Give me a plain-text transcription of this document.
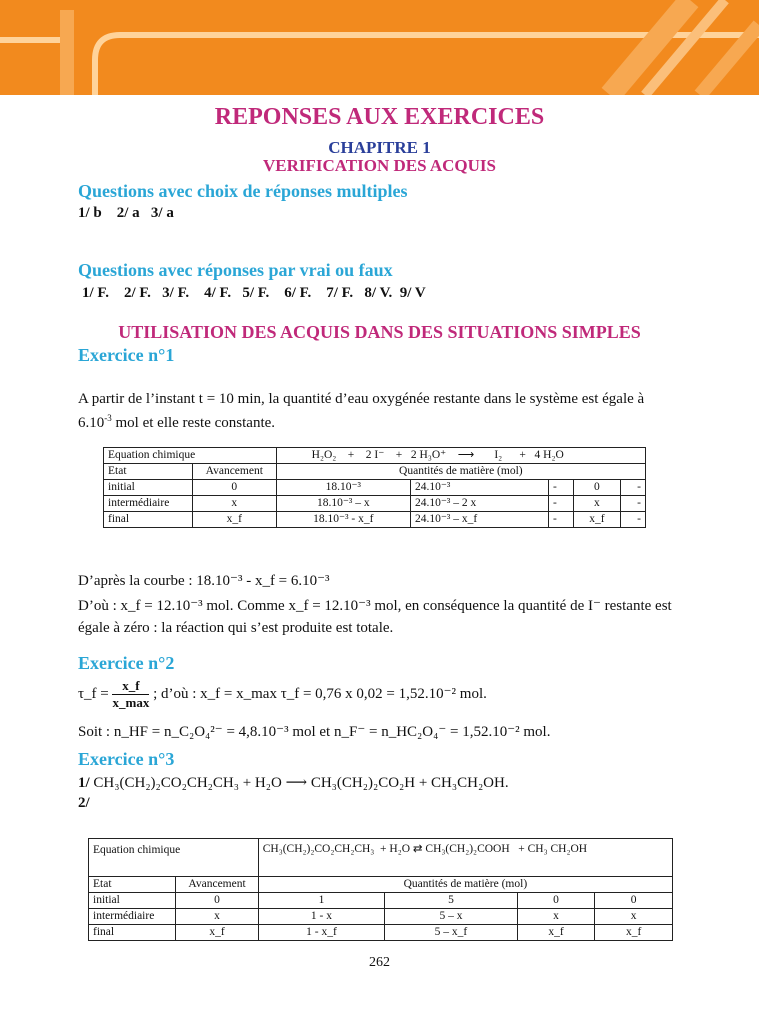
REPONSES AUX EXERCICES
CHAPITRE 1
VERIFICATION DES ACQUIS
Questions avec choix de réponses multiples
1/ b    2/ a   3/ a
Questions avec réponses par vrai ou faux
1/ F.    2/ F.   3/ F.    4/ F.   5/ F.    6/ F.    7/ F.   8/ V.  9/ V
UTILISATION DES ACQUIS DANS DES SITUATIONS SIMPLES
Exercice n°1
A partir de l’instant t = 10 min, la quantité d’eau oxygénée restante dans le système est égale à
$6.10^{-3}$ mol et elle reste constante.
Equation chimique		H₂O₂    +    2 I⁻    +   2 H₃O⁺    ⟶       I₂      +   4 H₂O				
Etat	Avancement	Quantités de matière (mol)				
initial	0	18.10⁻³	24.10⁻³	-	0	-
intermédiaire	x	18.10⁻³ – x	24.10⁻³ – 2 x	-	x	-
final	x_f	18.10⁻³ - x_f	24.10⁻³ – x_f	-	x_f	-
D’après la courbe : 18.10⁻³ - x_f = 6.10⁻³
D’où : x_f = 12.10⁻³ mol. Comme x_f = 12.10⁻³ mol, en conséquence la quantité de I⁻ restante est
égale à zéro : la réaction qui s’est produite est totale.
Exercice n°2
τ_f = $\frac{x\_f}{x\_\max}$ ; d’où : x_f = x_max τ_f = 0,76 x 0,02 = 1,52.10⁻² mol.
Soit : n_HF = n_C₂O₄²⁻ = 4,8.10⁻³ mol et n_F⁻ = n_HC₂O₄⁻ = 1,52.10⁻² mol.
Exercice n°3
1/ CH₃(CH₂)₂CO₂CH₂CH₃ + H₂O ⟶ CH₃(CH₂)₂CO₂H + CH₃CH₂OH.
2/
Equation chimique		CH₃(CH₂)₂CO₂CH₂CH₃  + H₂O ⇄ CH₃(CH₂)₂COOH   + CH₃ CH₂OH			
Etat	Avancement	Quantités de matière (mol)			
initial	0	1	5	0	0
intermédiaire	x	1 - x	5 – x	x	x
final	x_f	1 - x_f	5 – x_f	x_f	x_f
262
